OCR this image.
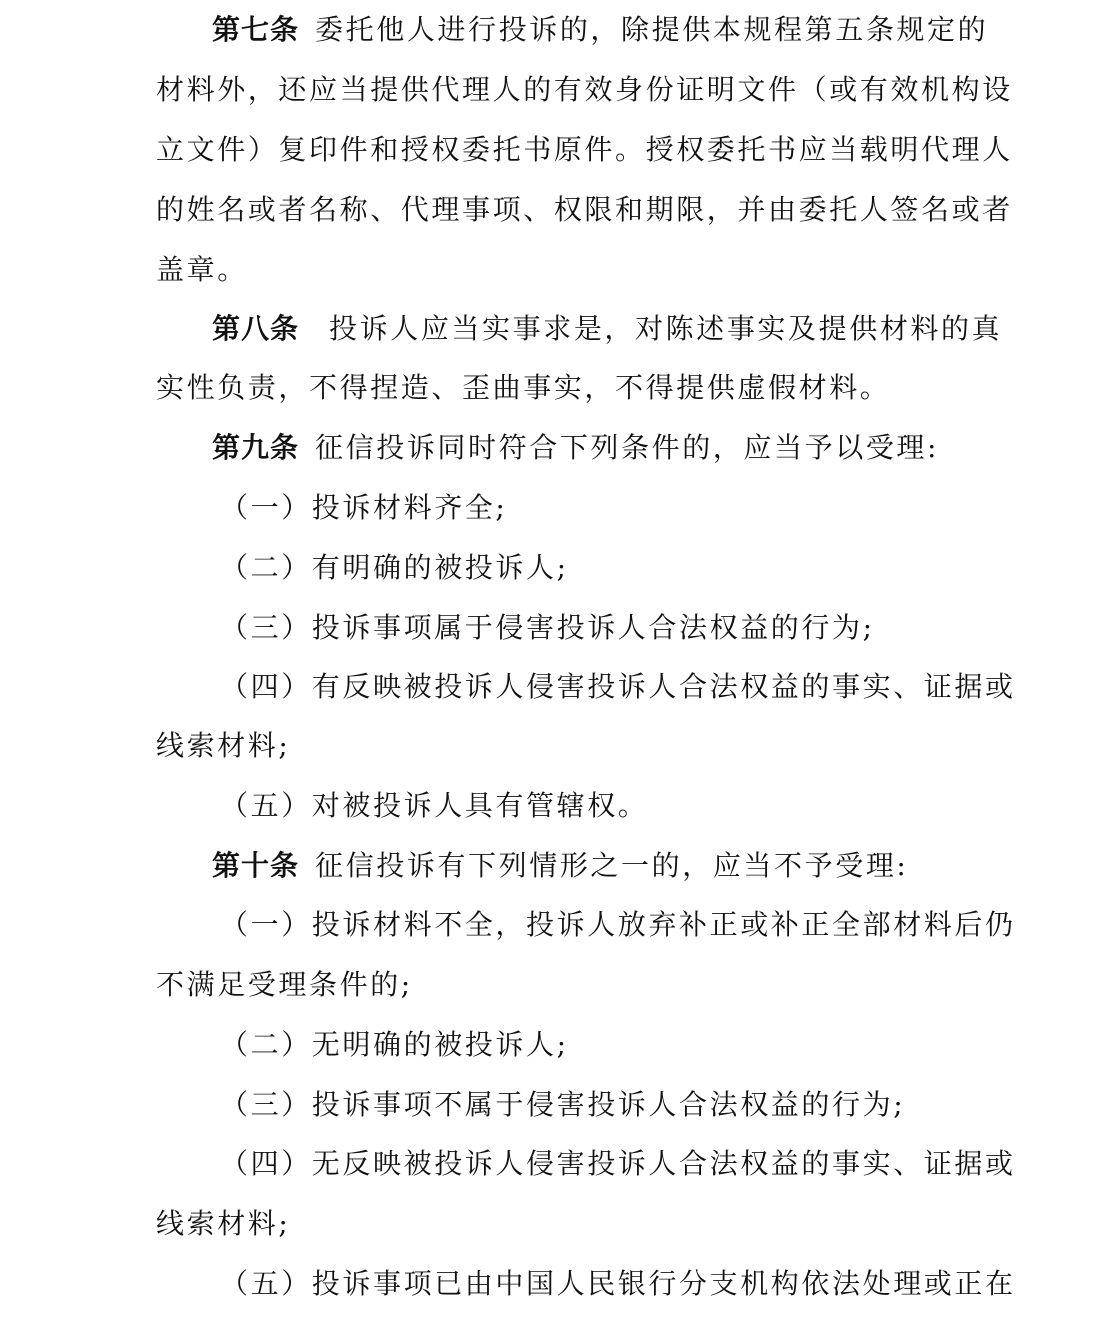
第七条 委托他人进行投诉的，除提供本规程第五条规定的
材料外，还应当提供代理人的有效身份证明文件（或有效机构设
立文件）复印件和授权委托书原件。授权委托书应当载明代理人
的姓名或者名称、代理事项、权限和期限，并由委托人签名或者
盖章。
第八条 投诉人应当实事求是，对陈述事实及提供材料的真
实性负责，不得捏造、歪曲事实，不得提供虚假材料。
第九条 征信投诉同时符合下列条件的，应当予以受理:
（一）投诉材料齐全;
（二）有明确的被投诉人;
（三）投诉事项属于侵害投诉人合法权益的行为;
（四）有反映被投诉人侵害投诉人合法权益的事实、证据或
线索材料;
（五）对被投诉人具有管辖权。
第十条 征信投诉有下列情形之一的，应当不予受理:
（一）投诉材料不全，投诉人放弃补正或补正全部材料后仍
不满足受理条件的;
（二）无明确的被投诉人;
（三）投诉事项不属于侵害投诉人合法权益的行为;
（四）无反映被投诉人侵害投诉人合法权益的事实、证据或
线索材料;
（五）投诉事项已由中国人民银行分支机构依法处理或正在
